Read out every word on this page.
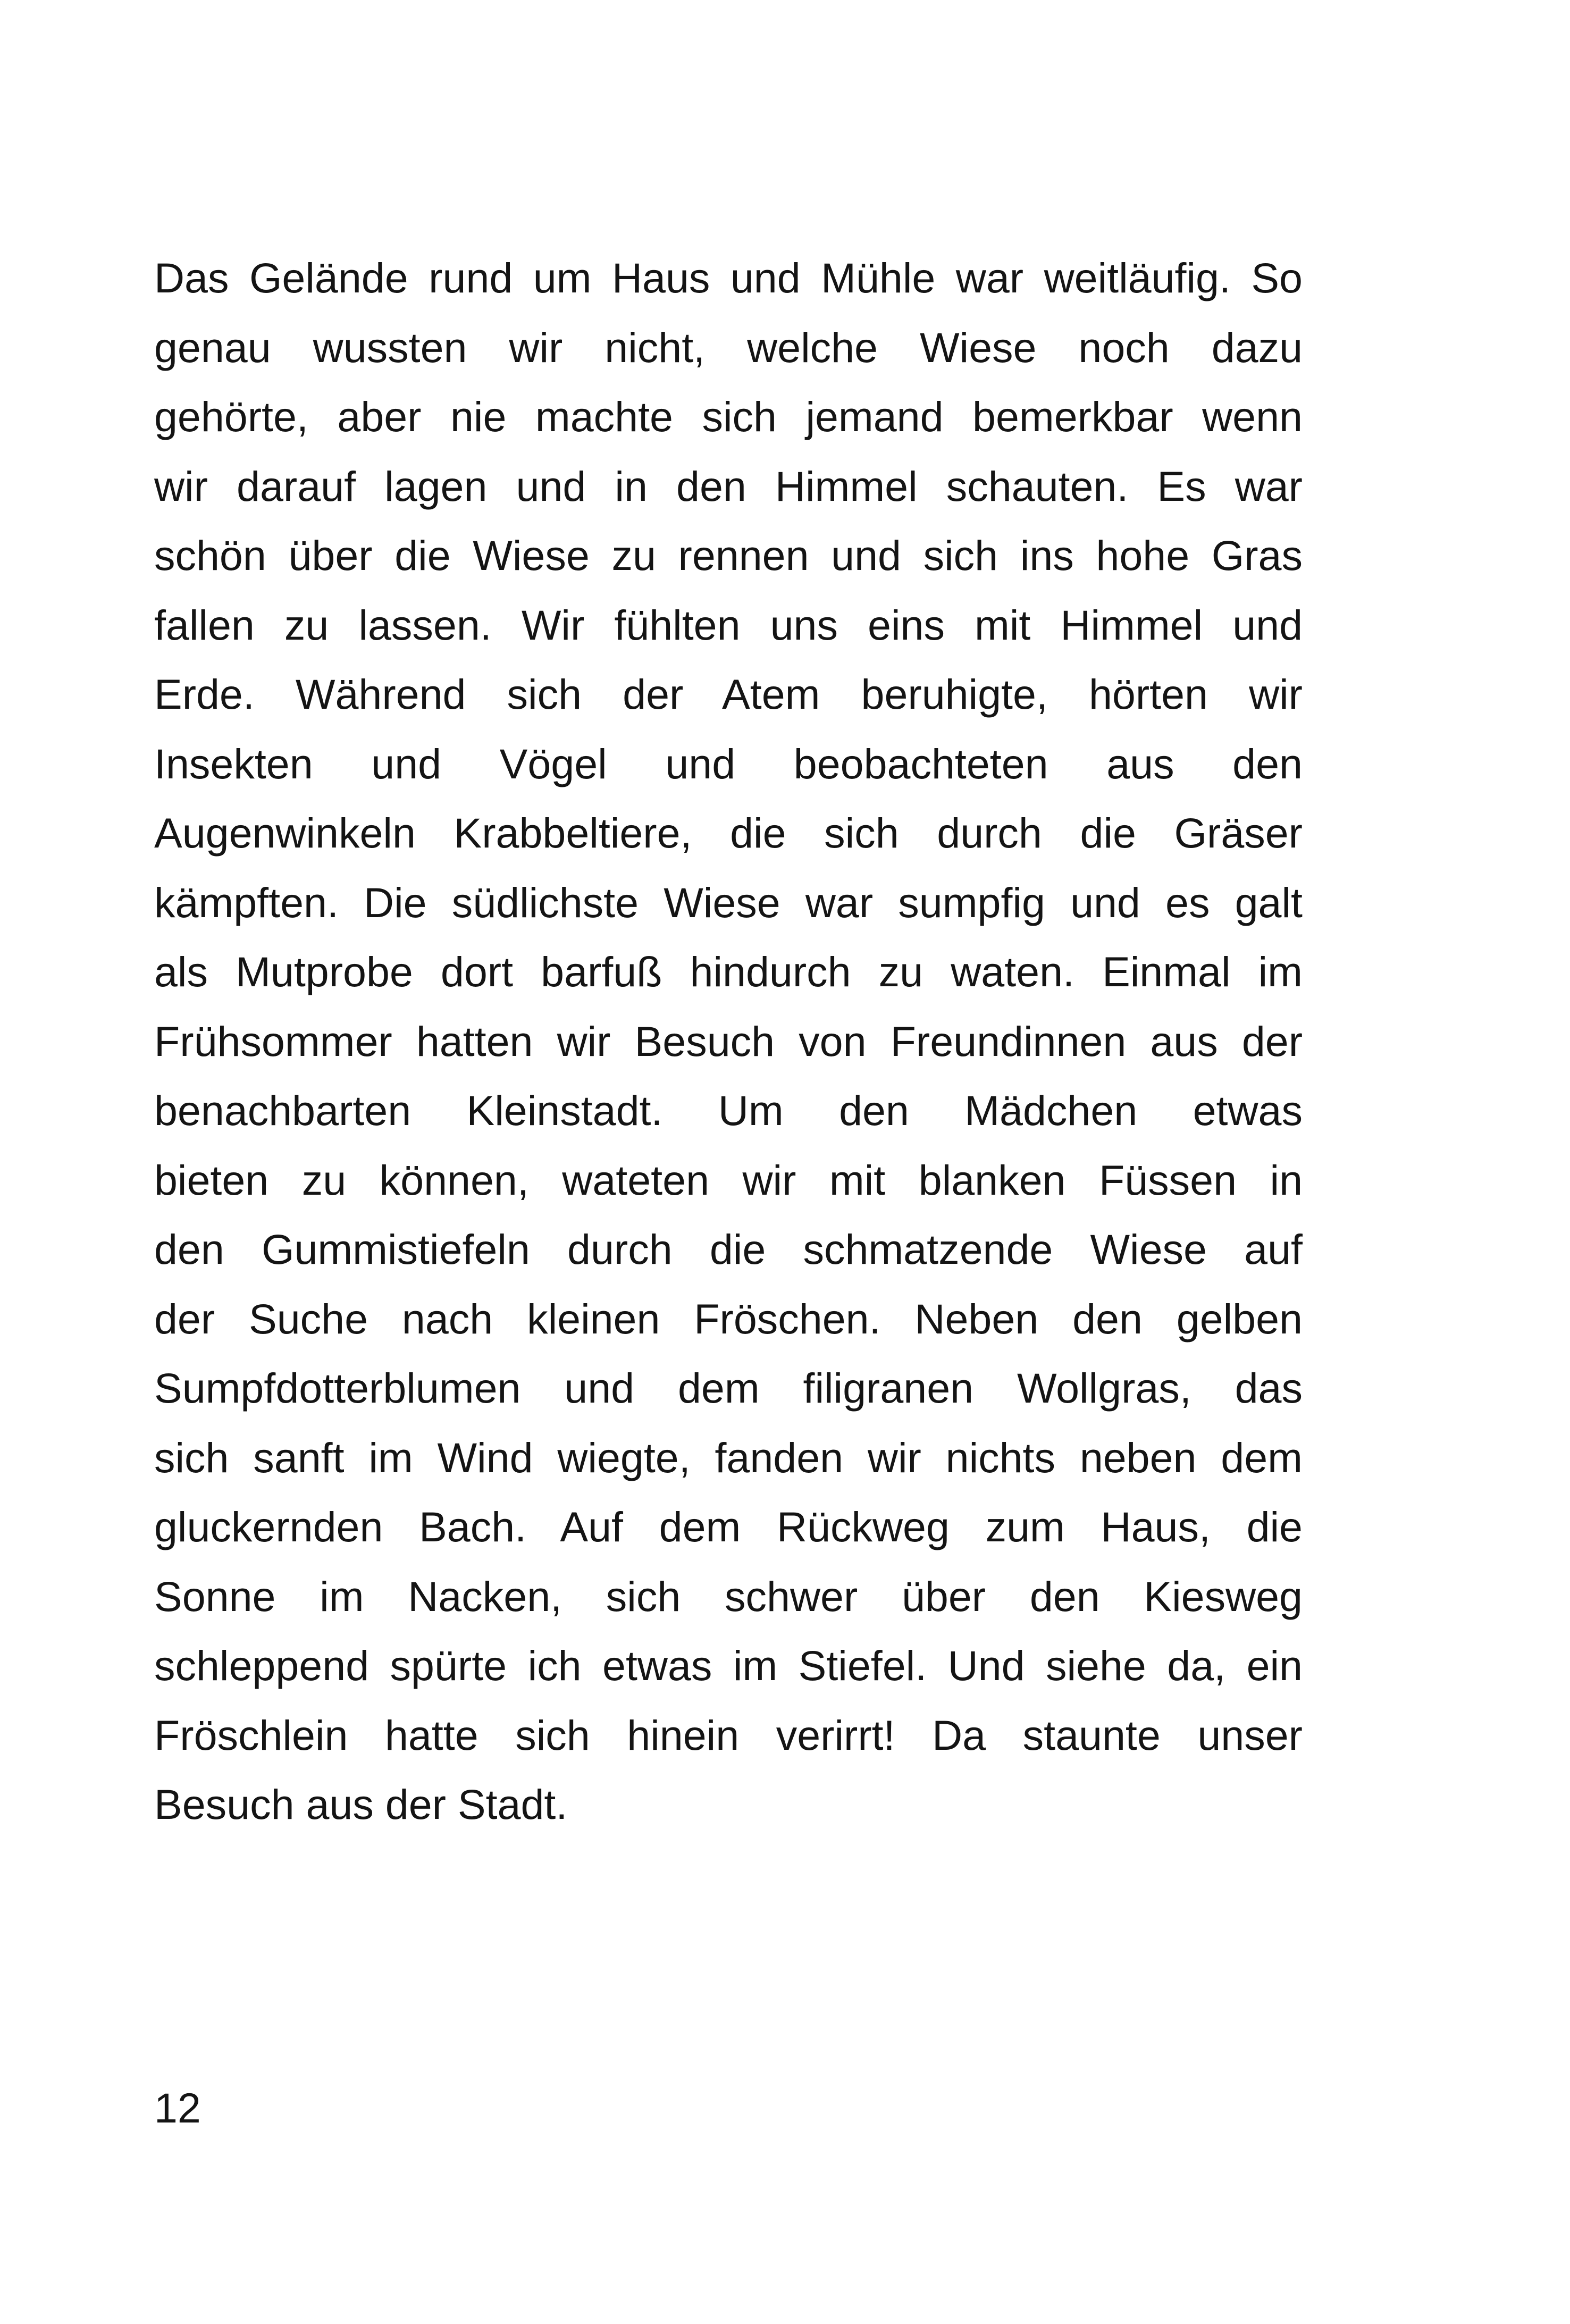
Das Gelände rund um Haus und Mühle war weitläufig. So
genau wussten wir nicht, welche Wiese noch dazu
gehörte, aber nie machte sich jemand bemerkbar wenn
wir darauf lagen und in den Himmel schauten. Es war
schön über die Wiese zu rennen und sich ins hohe Gras
fallen zu lassen. Wir fühlten uns eins mit Himmel und
Erde. Während sich der Atem beruhigte, hörten wir
Insekten und Vögel und beobachteten aus den
Augenwinkeln Krabbeltiere, die sich durch die Gräser
kämpften. Die südlichste Wiese war sumpfig und es galt
als Mutprobe dort barfuß hindurch zu waten. Einmal im
Frühsommer hatten wir Besuch von Freundinnen aus der
benachbarten Kleinstadt. Um den Mädchen etwas
bieten zu können, wateten wir mit blanken Füssen in
den Gummistiefeln durch die schmatzende Wiese auf
der Suche nach kleinen Fröschen. Neben den gelben
Sumpfdotterblumen und dem filigranen Wollgras, das
sich sanft im Wind wiegte, fanden wir nichts neben dem
gluckernden Bach. Auf dem Rückweg zum Haus, die
Sonne im Nacken, sich schwer über den Kiesweg
schleppend spürte ich etwas im Stiefel. Und siehe da, ein
Fröschlein hatte sich hinein verirrt! Da staunte unser
Besuch aus der Stadt.
12
